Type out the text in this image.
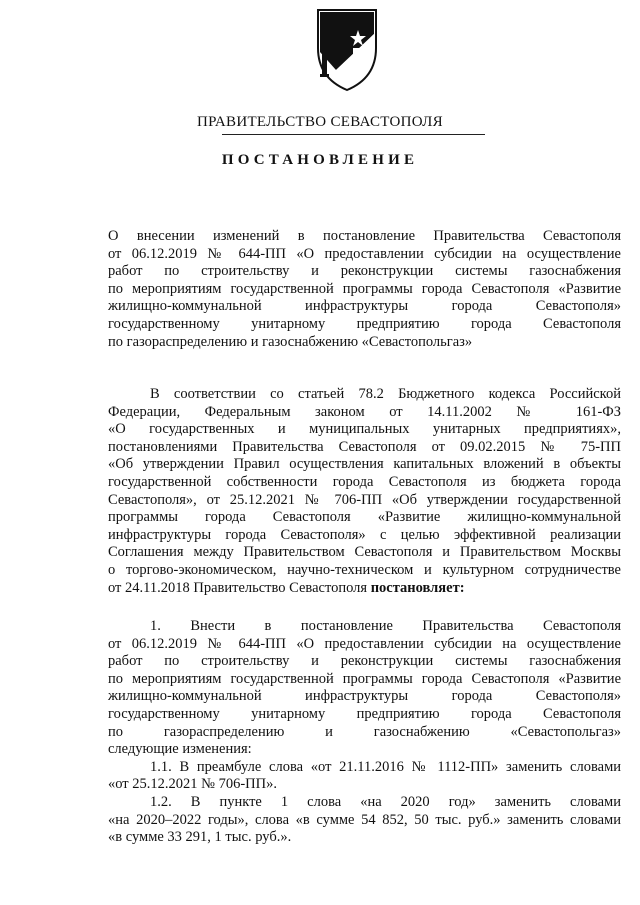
ПРАВИТЕЛЬСТВО СЕВАСТОПОЛЯ
ПОСТАНОВЛЕНИЕ
О внесении изменений в постановление Правительства Севастополя
от 06.12.2019 № 644-ПП «О предоставлении субсидии на осуществление
работ по строительству и реконструкции системы газоснабжения
по мероприятиям государственной программы города Севастополя «Развитие
жилищно-коммунальной инфраструктуры города Севастополя»
государственному унитарному предприятию города Севастополя
по газораспределению и газоснабжению «Севастопольгаз»
В соответствии со статьей 78.2 Бюджетного кодекса Российской
Федерации, Федеральным законом от 14.11.2002 № 161-ФЗ
«О государственных и муниципальных унитарных предприятиях»,
постановлениями Правительства Севастополя от 09.02.2015 № 75-ПП
«Об утверждении Правил осуществления капитальных вложений в объекты
государственной собственности города Севастополя из бюджета города
Севастополя», от 25.12.2021 № 706-ПП «Об утверждении государственной
программы города Севастополя «Развитие жилищно-коммунальной
инфраструктуры города Севастополя» с целью эффективной реализации
Соглашения между Правительством Севастополя и Правительством Москвы
о торгово-экономическом, научно-техническом и культурном сотрудничестве
от 24.11.2018 Правительство Севастополя постановляет:
1. Внести в постановление Правительства Севастополя
от 06.12.2019 № 644-ПП «О предоставлении субсидии на осуществление
работ по строительству и реконструкции системы газоснабжения
по мероприятиям государственной программы города Севастополя «Развитие
жилищно-коммунальной инфраструктуры города Севастополя»
государственному унитарному предприятию города Севастополя
по газораспределению и газоснабжению «Севастопольгаз»
следующие изменения:
1.1. В преамбуле слова «от 21.11.2016 № 1112-ПП» заменить словами
«от 25.12.2021 № 706-ПП».
1.2. В пункте 1 слова «на 2020 год» заменить словами
«на 2020–2022 годы», слова «в сумме 54 852, 50 тыс. руб.» заменить словами
«в сумме 33 291, 1 тыс. руб.».
